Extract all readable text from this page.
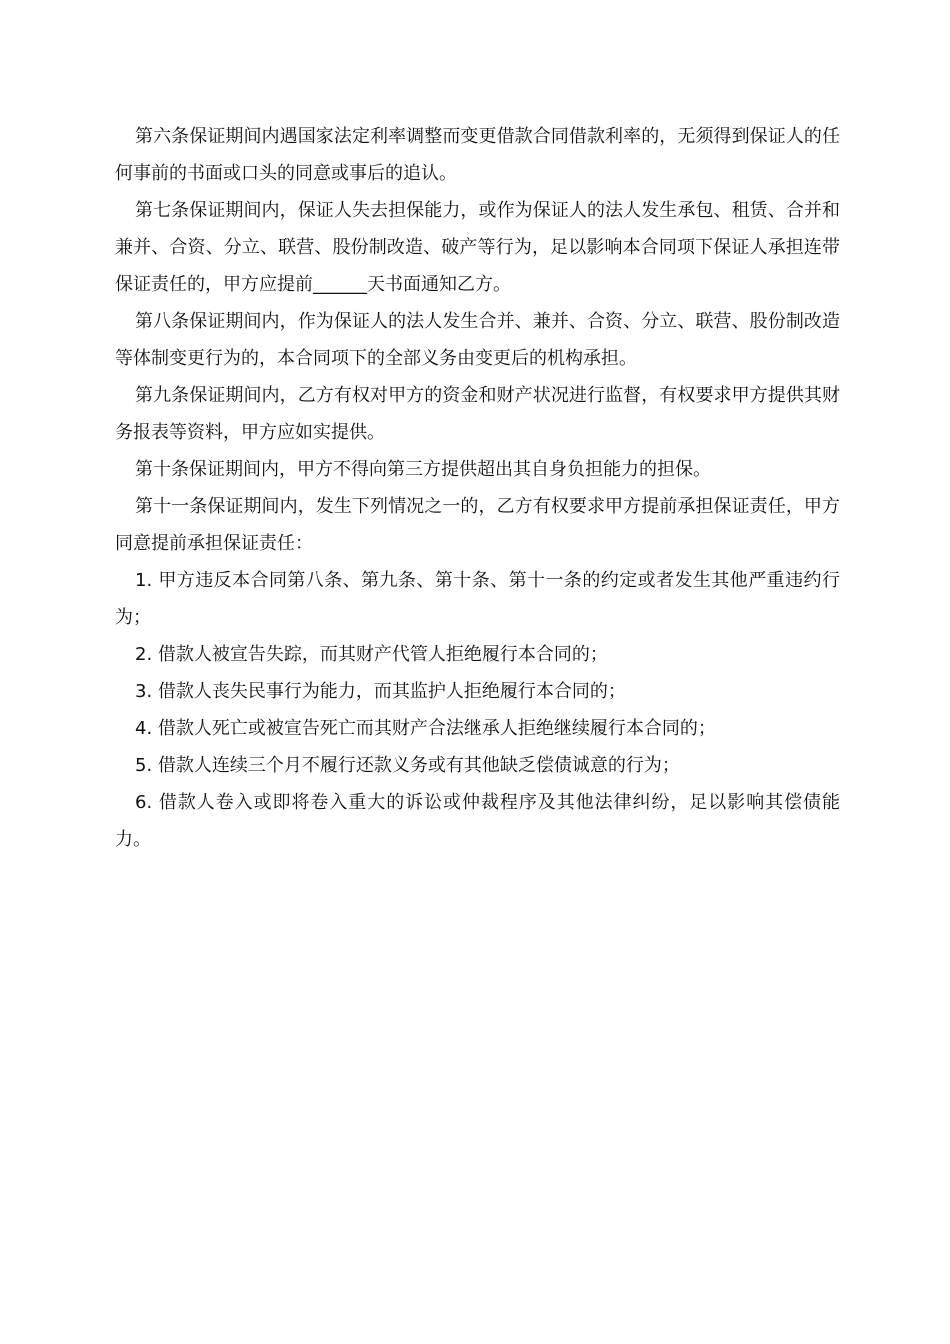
第六条保证期间内遇国家法定利率调整而变更借款合同借款利率的，无须得到保证人的任何事前的书面或口头的同意或事后的追认。

第七条保证期间内，保证人失去担保能力，或作为保证人的法人发生承包、租赁、合并和兼并、合资、分立、联营、股份制改造、破产等行为，足以影响本合同项下保证人承担连带保证责任的，甲方应提前______天书面通知乙方。

第八条保证期间内，作为保证人的法人发生合并、兼并、合资、分立、联营、股份制改造等体制变更行为的，本合同项下的全部义务由变更后的机构承担。

第九条保证期间内，乙方有权对甲方的资金和财产状况进行监督，有权要求甲方提供其财务报表等资料，甲方应如实提供。

第十条保证期间内，甲方不得向第三方提供超出其自身负担能力的担保。

第十一条保证期间内，发生下列情况之一的，乙方有权要求甲方提前承担保证责任，甲方同意提前承担保证责任：

1. 甲方违反本合同第八条、第九条、第十条、第十一条的约定或者发生其他严重违约行为；

2. 借款人被宣告失踪，而其财产代管人拒绝履行本合同的；

3. 借款人丧失民事行为能力，而其监护人拒绝履行本合同的；

4. 借款人死亡或被宣告死亡而其财产合法继承人拒绝继续履行本合同的；

5. 借款人连续三个月不履行还款义务或有其他缺乏偿债诚意的行为；

6. 借款人卷入或即将卷入重大的诉讼或仲裁程序及其他法律纠纷，足以影响其偿债能力。
